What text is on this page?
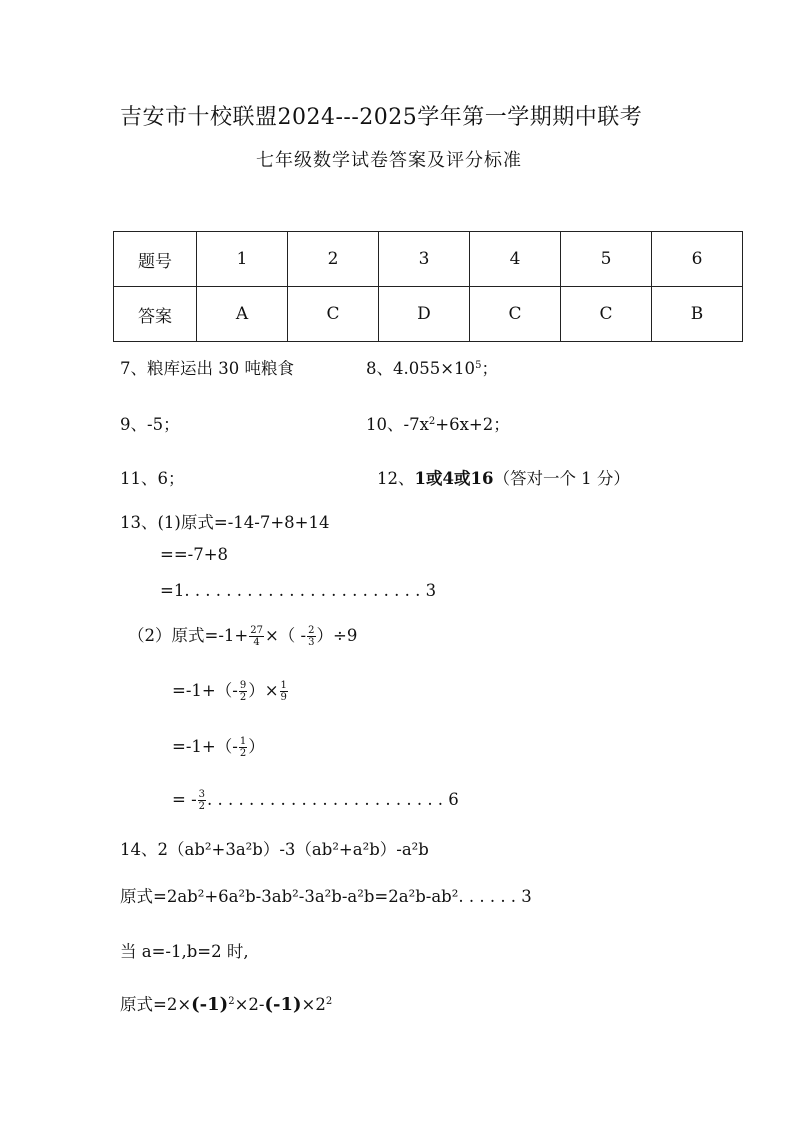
吉安市十校联盟2024---2025学年第一学期期中联考
七年级数学试卷答案及评分标准
题号	1	2	3	4	5	6
答案	A	C	D	C	C	B
7、粮库运出 30 吨粮食	8、$4.055\times 10^5$；
9、-5；	10、$-7x^2+6x+2$；
11、6；	12、1或4或16（答对一个 1 分）
13、(1)原式=-14-7+8+14
==-7+8
=1. . . . . . . . . . . . . . . . . . . . . . . 3
（2）原式$=-1+ \frac{27}{4}$ ×（ - $\frac{2}{3} )\div 9$
$=-1+(- \frac{9}{2}$ ）× $\frac{1}{9}$
$=-1+(- \frac{1}{2}$ ）
= - $\frac{3}{2}$ . . . . . . . . . . . . . . . . . . . . . . . 6
14、2（ab²+3a²b）-3（ab²+a²b）-a²b
原式=2ab²+6a²b-3ab²-3a²b-a²b=2a²b-ab². . . . . . 3
当 a=-1,b=2 时,
原式$=2\times(-1)^2\times 2-(-1)\times 2^2$
